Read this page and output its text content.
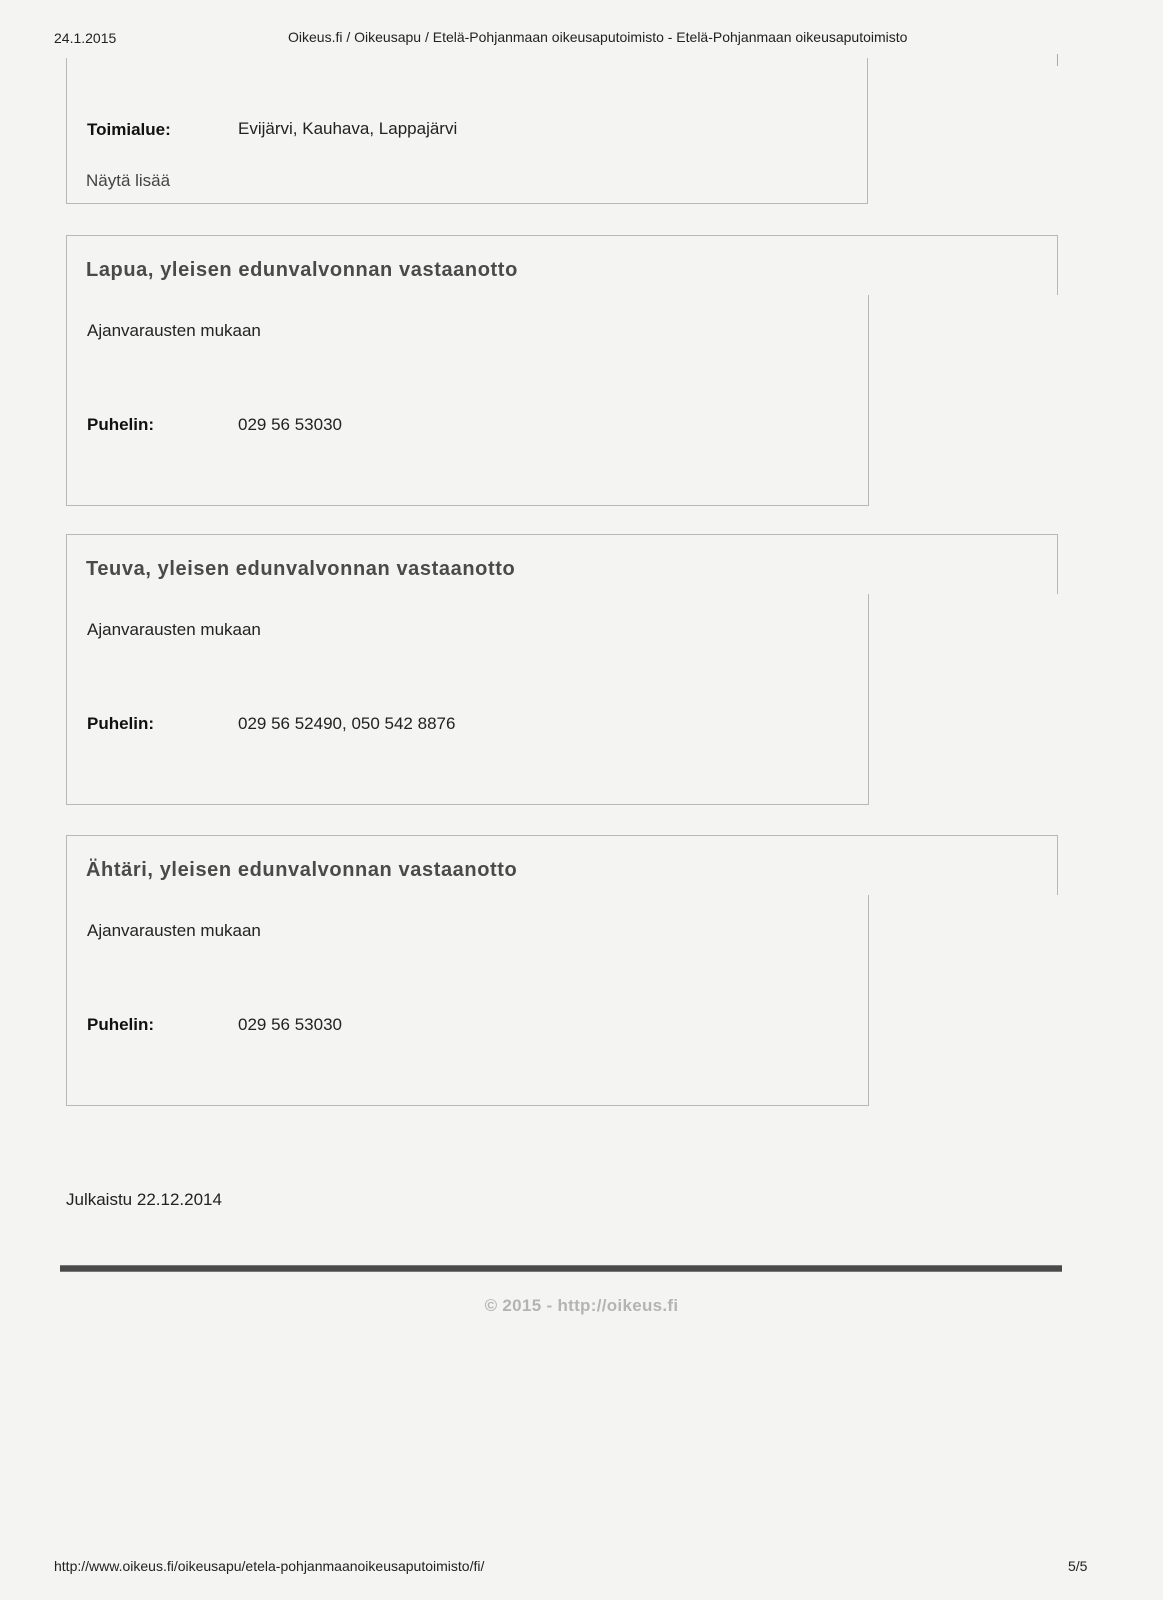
24.1.2015	Oikeus.fi / Oikeusapu / Etelä-Pohjanmaan oikeusaputoimisto - Etelä-Pohjanmaan oikeusaputoimisto
Toimialue:	Evijärvi, Kauhava, Lappajärvi
Näytä lisää
Lapua, yleisen edunvalvonnan vastaanotto
Ajanvarausten mukaan
Puhelin:	029 56 53030
Teuva, yleisen edunvalvonnan vastaanotto
Ajanvarausten mukaan
Puhelin:	029 56 52490, 050 542 8876
Ähtäri, yleisen edunvalvonnan vastaanotto
Ajanvarausten mukaan
Puhelin:	029 56 53030
Julkaistu 22.12.2014
© 2015 - http://oikeus.fi
http://www.oikeus.fi/oikeusapu/etela-pohjanmaanoikeusaputoimisto/fi/	5/5
